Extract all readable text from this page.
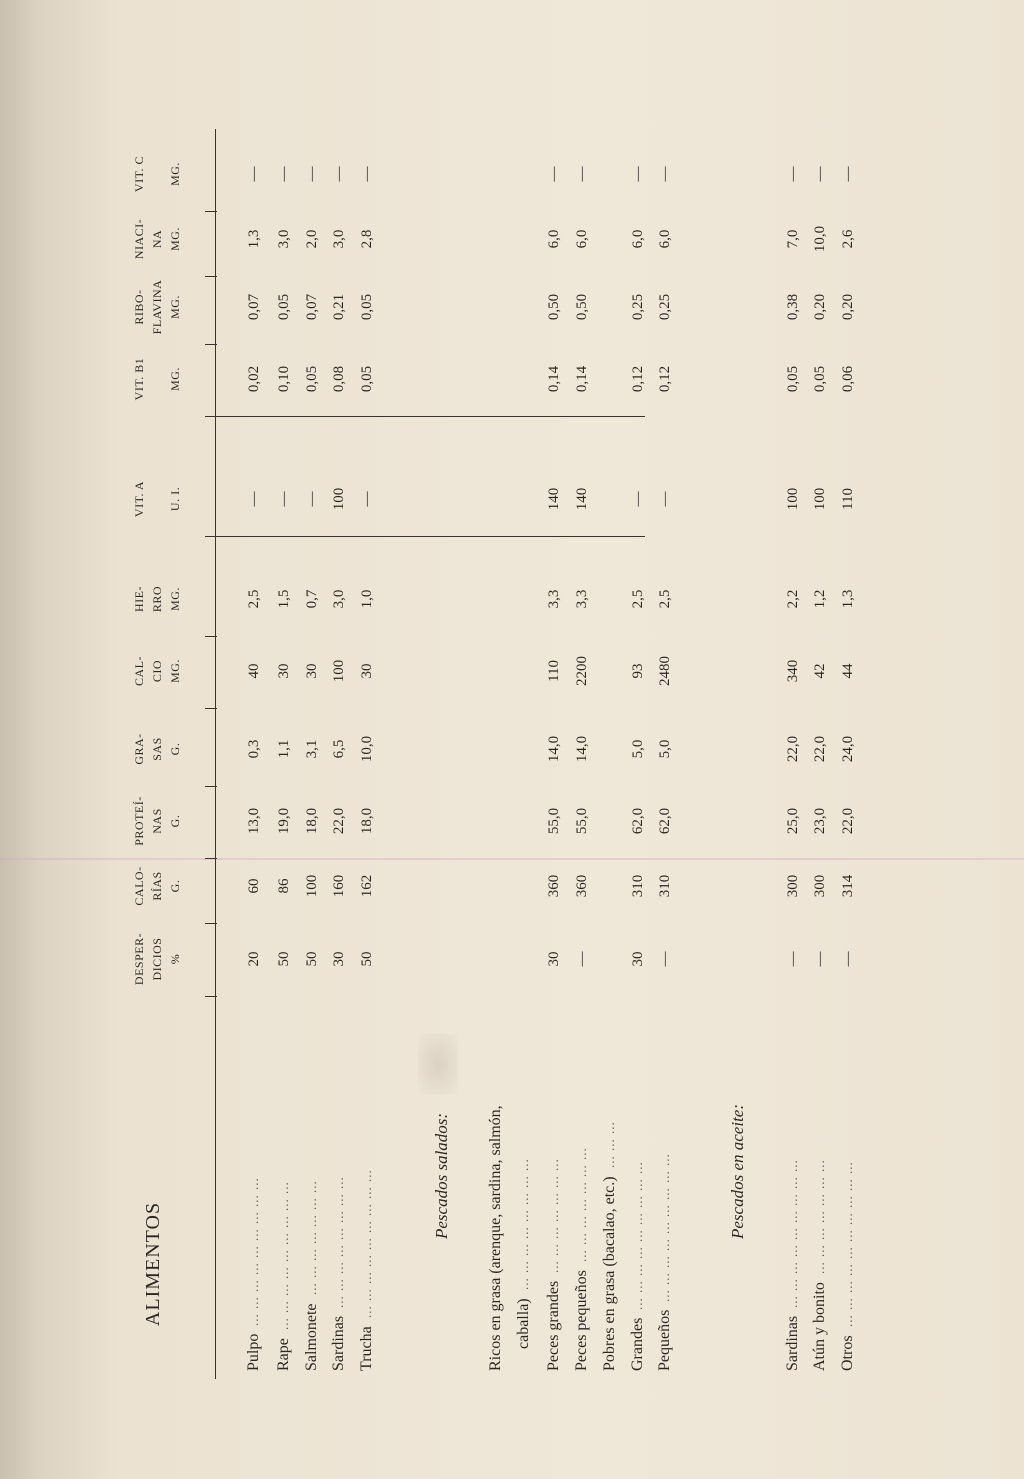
ALIMENTOS
DESPER- DICIOS %
CALO- RÍAS G.
PROTEÍ- NAS G.
GRA- SAS G.
CAL- CIO MG.
HIE- RRO MG.
VIT. A
U. I.
VIT. B1
MG.
RIBO- FLAVINA MG.
NIACI- NA MG.
VIT. C
MG.
Pulpo
... ... ... ... ... ... ... ... ...
20
60
13,0
0,3
40
2,5
—
0,02
0,07
1,3
—
Rape
... ... ... ... ... ... ... ... ...
50
86
19,0
1,1
30
1,5
—
0,10
0,05
3,0
—
Salmonete
... ... ... ... ... ... ...
50
100
18,0
3,1
30
0,7
—
0,05
0,07
2,0
—
Sardinas
... ... ... ... ... ... ... ...
30
160
22,0
6,5
100
3,0
100
0,08
0,21
3,0
—
Trucha
... ... ... ... ... ... ... ... ...
50
162
18,0
10,0
30
1,0
—
0,05
0,05
2,8
—
Pescados salados: Ricos en grasa (arenque, sardina, salmón, caballa)
... ... ... ... ... ... ... ...
Peces grandes
... ... ... ... ... ... ...
30
360
55,0
14,0
110
3,3
140
0,14
0,50
6,0
—
Peces pequeños
... ... ... ... ... ... ...
—
360
55,0
14,0
2200
3,3
140
0,14
0,50
6,0
—
Pobres en grasa (bacalao, etc.)
... ... ...
Grandes
... ... ... ... ... ... ... ... ...
30
310
62,0
5,0
93
2,5
—
0,12
0,25
6,0
—
Pequeños
... ... ... ... ... ... ... ... ...
—
310
62,0
5,0
2480
2,5
—
0,12
0,25
6,0
—
Pescados en aceite:
Sardinas
... ... ... ... ... ... ... ... ...
—
300
25,0
22,0
340
2,2
100
0,05
0,38
7,0
—
Atún y bonito
... ... ... ... ... ... ...
—
300
23,0
22,0
42
1,2
100
0,05
0,20
10,0
—
Otros
... ... ... ... ... ... ... ... ... ...
—
314
22,0
24,0
44
1,3
110
0,06
0,20
2,6
—
